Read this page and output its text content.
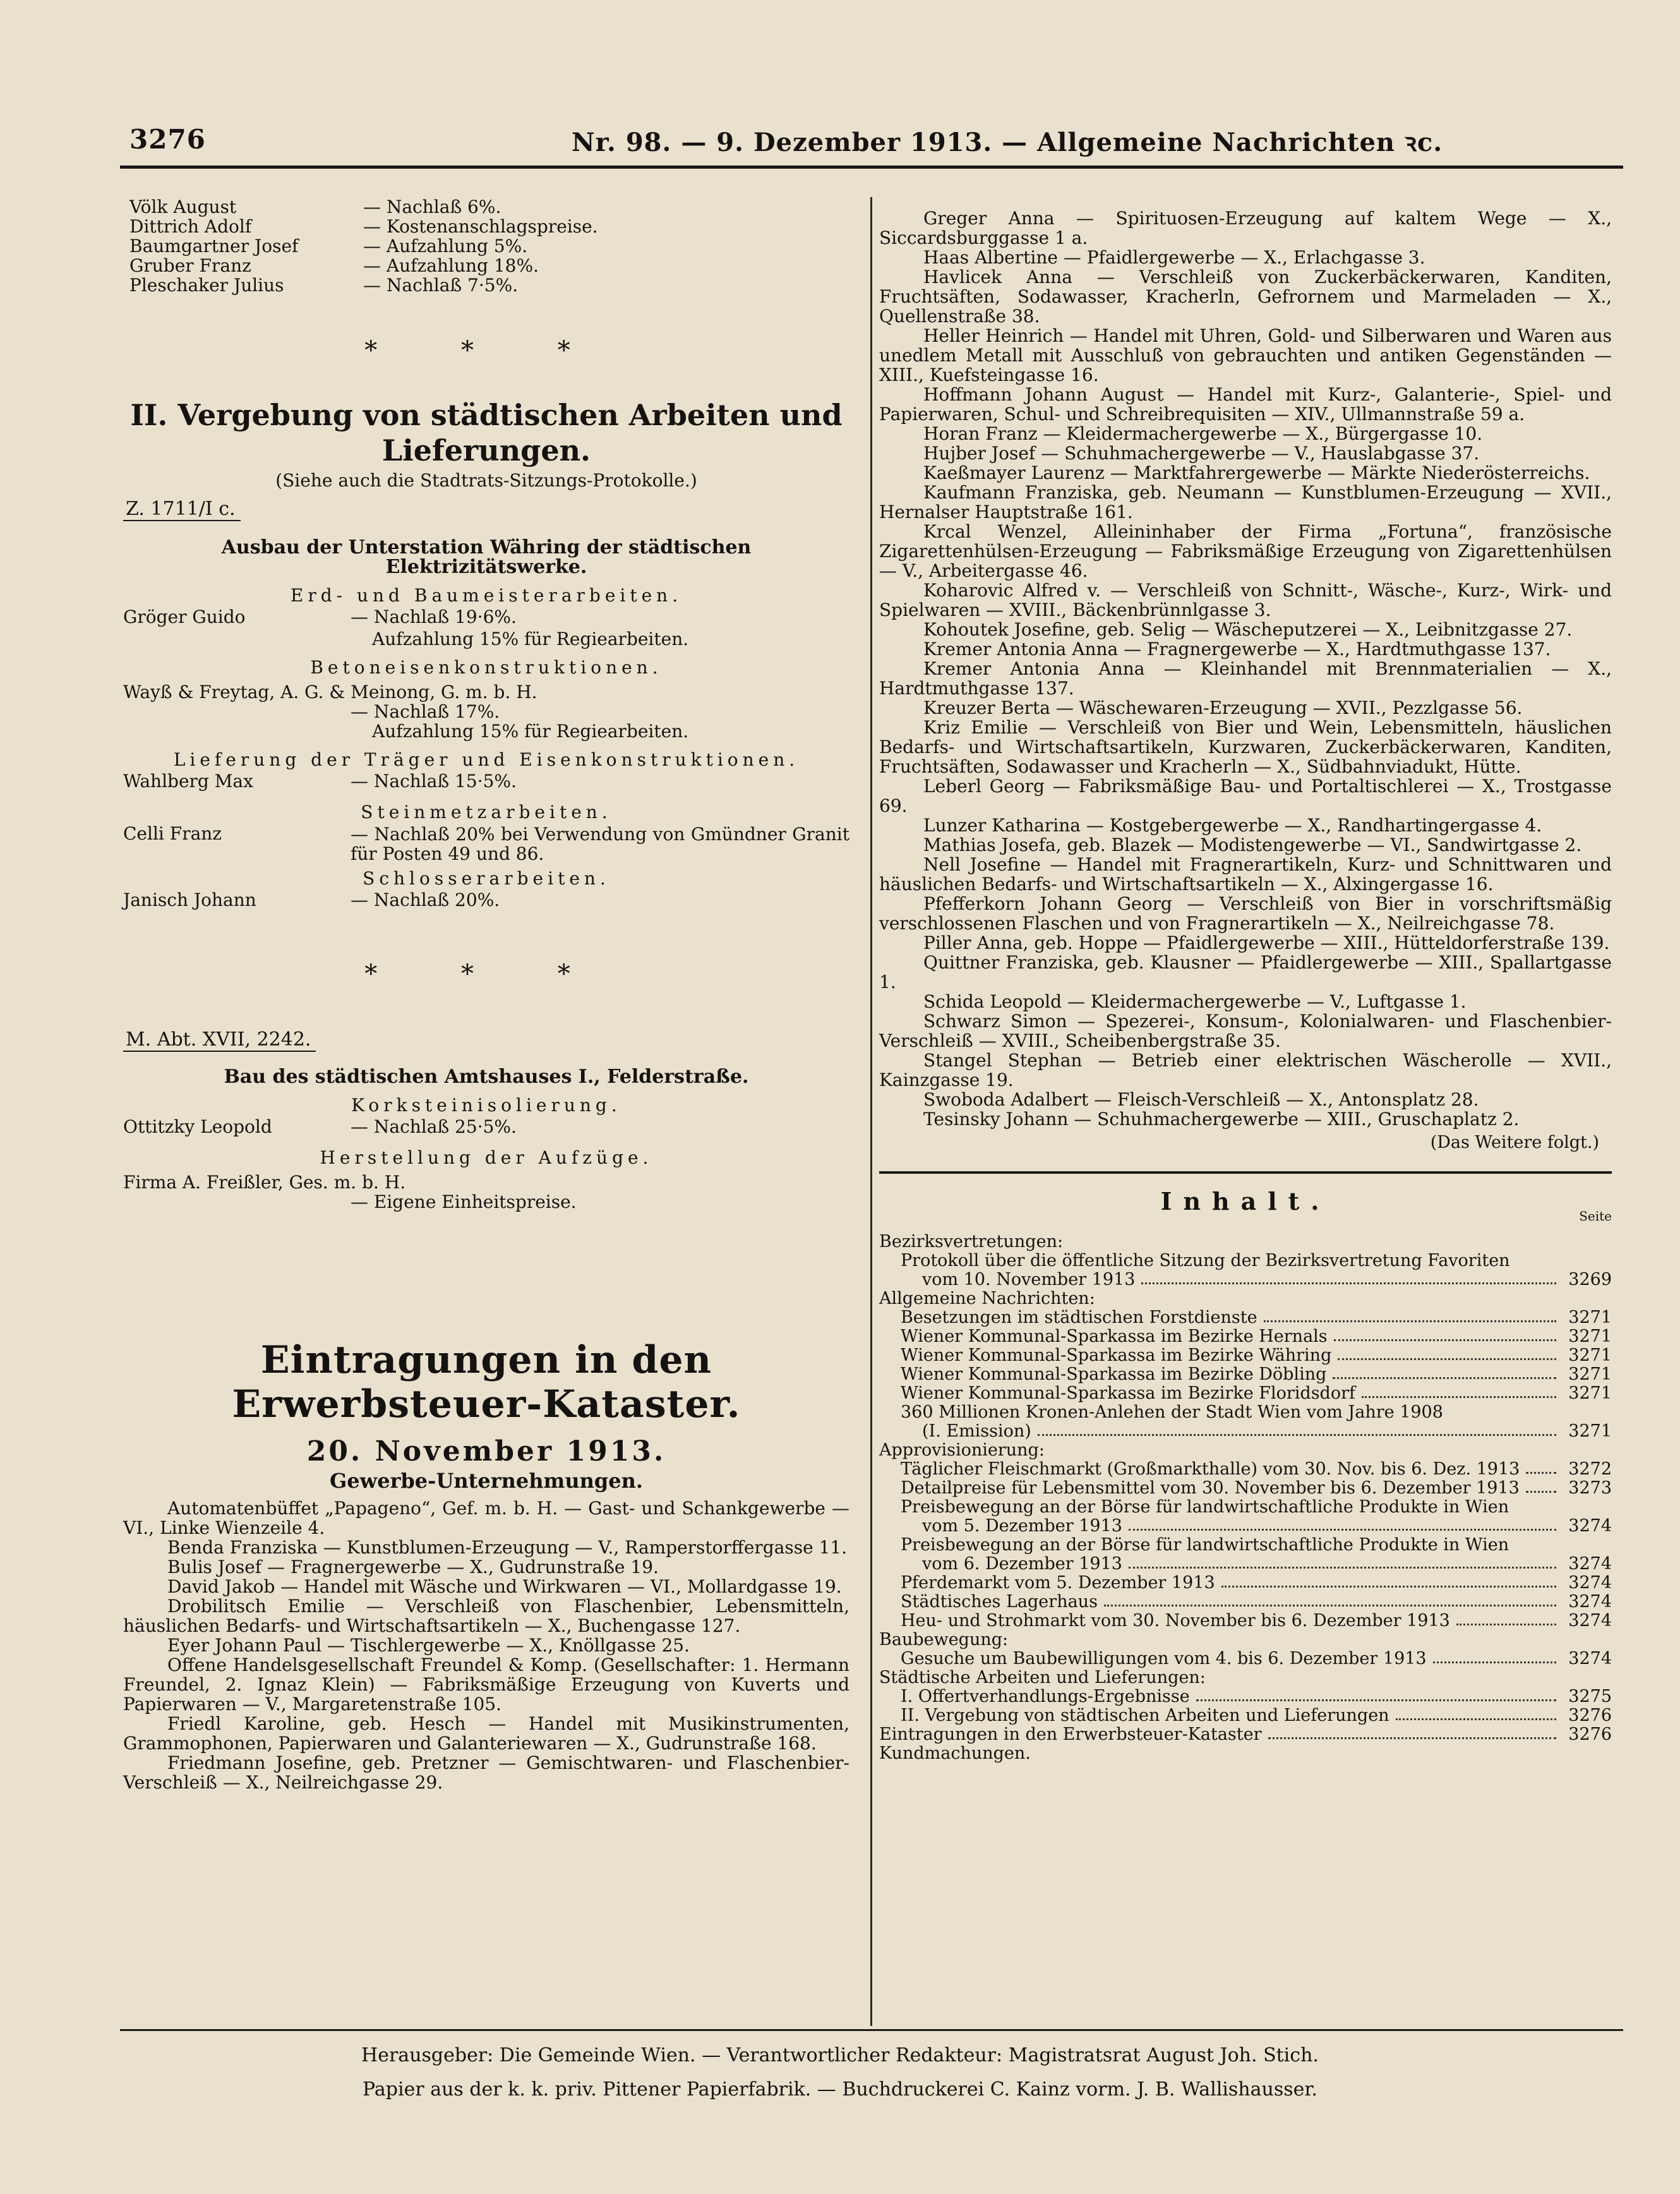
3276	Nr. 98. — 9. Dezember 1913. — Allgemeine Nachrichten ꝛc.
Völk August	— Nachlaß 6%.
Dittrich Adolf	— Kostenanschlagspreise.
Baumgartner Josef	— Aufzahlung 5%.
Gruber Franz	— Aufzahlung 18%.
Pleschaker Julius	— Nachlaß 7·5%.
* * *

II. Vergebung von städtischen Arbeiten und

Lieferungen.

(Siehe auch die Stadtrats-Sitzungs-Protokolle.)

Z. 1711/I c.

Ausbau der Unterstation Währing der städtischen Elektrizitätswerke.

Erd- und Baumeisterarbeiten.

Gröger Guido	— Nachlaß 19·6%.
	Aufzahlung 15% für Regiearbeiten.

Betoneisenkonstruktionen.

Wayß & Freytag, A. G. & Meinong, G. m. b. H.
— Nachlaß 17%.
Aufzahlung 15% für Regiearbeiten.

Lieferung der Träger und Eisenkonstruktionen.

Wahlberg Max	— Nachlaß 15·5%.

Steinmetzarbeiten.

Celli Franz	— Nachlaß 20% bei Verwendung von Gmündner Granit für Posten 49 und 86.

Schlosserarbeiten.

Janisch Johann	— Nachlaß 20%.
* * *
M. Abt. XVII, 2242.

Bau des städtischen Amtshauses I., Felderstraße.

Korksteinisolierung.

Ottitzky Leopold	— Nachlaß 25·5%.

Herstellung der Aufzüge.

Firma A. Freißler, Ges. m. b. H.
— Eigene Einheitspreise.

Eintragungen in den Erwerbsteuer-Kataster.

20. November 1913.

Gewerbe-Unternehmungen.

Automatenbüffet „Papageno“, Gef. m. b. H. — Gast- und Schankgewerbe — VI., Linke Wienzeile 4.

Benda Franziska — Kunstblumen-Erzeugung — V., Ramperstorffergasse 11.

Bulis Josef — Fragnergewerbe — X., Gudrunstraße 19.

David Jakob — Handel mit Wäsche und Wirkwaren — VI., Mollardgasse 19.

Drobilitsch Emilie — Verschleiß von Flaschenbier, Lebensmitteln, häuslichen Bedarfs- und Wirtschaftsartikeln — X., Buchengasse 127.

Eyer Johann Paul — Tischlergewerbe — X., Knöllgasse 25.

Offene Handelsgesellschaft Freundel & Komp. (Gesellschafter: 1. Hermann Freundel, 2. Ignaz Klein) — Fabriksmäßige Erzeugung von Kuverts und Papierwaren — V., Margaretenstraße 105.

Friedl Karoline, geb. Hesch — Handel mit Musikinstrumenten, Grammophonen, Papierwaren und Galanteriewaren — X., Gudrunstraße 168.

Friedmann Josefine, geb. Pretzner — Gemischtwaren- und Flaschenbier-Verschleiß — X., Neilreichgasse 29.

Greger Anna — Spirituosen-Erzeugung auf kaltem Wege — X., Siccardsburggasse 1 a.

Haas Albertine — Pfaidlergewerbe — X., Erlachgasse 3.

Havlicek Anna — Verschleiß von Zuckerbäckerwaren, Kanditen, Fruchtsäften, Sodawasser, Kracherln, Gefrornem und Marmeladen — X., Quellenstraße 38.

Heller Heinrich — Handel mit Uhren, Gold- und Silberwaren und Waren aus unedlem Metall mit Ausschluß von gebrauchten und antiken Gegenständen — XIII., Kuefsteingasse 16.

Hoffmann Johann August — Handel mit Kurz-, Galanterie-, Spiel- und Papierwaren, Schul- und Schreibrequisiten — XIV., Ullmannstraße 59 a.

Horan Franz — Kleidermachergewerbe — X., Bürgergasse 10.

Hujber Josef — Schuhmachergewerbe — V., Hauslabgasse 37.

Kaeßmayer Laurenz — Marktfahrergewerbe — Märkte Niederösterreichs.

Kaufmann Franziska, geb. Neumann — Kunstblumen-Erzeugung — XVII., Hernalser Hauptstraße 161.

Krcal Wenzel, Alleininhaber der Firma „Fortuna“, französische Zigarettenhülsen-Erzeugung — Fabriksmäßige Erzeugung von Zigarettenhülsen — V., Arbeitergasse 46.

Koharovic Alfred v. — Verschleiß von Schnitt-, Wäsche-, Kurz-, Wirk- und Spielwaren — XVIII., Bäckenbrünnlgasse 3.

Kohoutek Josefine, geb. Selig — Wäscheputzerei — X., Leibnitzgasse 27.

Kremer Antonia Anna — Fragnergewerbe — X., Hardtmuthgasse 137.

Kremer Antonia Anna — Kleinhandel mit Brennmaterialien — X., Hardtmuthgasse 137.

Kreuzer Berta — Wäschewaren-Erzeugung — XVII., Pezzlgasse 56.

Kriz Emilie — Verschleiß von Bier und Wein, Lebensmitteln, häuslichen Bedarfs- und Wirtschaftsartikeln, Kurzwaren, Zuckerbäckerwaren, Kanditen, Fruchtsäften, Sodawasser und Kracherln — X., Südbahnviadukt, Hütte.

Leberl Georg — Fabriksmäßige Bau- und Portaltischlerei — X., Trostgasse 69.

Lunzer Katharina — Kostgebergewerbe — X., Randhartingergasse 4.

Mathias Josefa, geb. Blazek — Modistengewerbe — VI., Sandwirtgasse 2.

Nell Josefine — Handel mit Fragnerartikeln, Kurz- und Schnittwaren und häuslichen Bedarfs- und Wirtschaftsartikeln — X., Alxingergasse 16.

Pfefferkorn Johann Georg — Verschleiß von Bier in vorschriftsmäßig verschlossenen Flaschen und von Fragnerartikeln — X., Neilreichgasse 78.

Piller Anna, geb. Hoppe — Pfaidlergewerbe — XIII., Hütteldorferstraße 139.

Quittner Franziska, geb. Klausner — Pfaidlergewerbe — XIII., Spallartgasse 1.

Schida Leopold — Kleidermachergewerbe — V., Luftgasse 1.

Schwarz Simon — Spezerei-, Konsum-, Kolonialwaren- und Flaschenbier-Verschleiß — XVIII., Scheibenbergstraße 35.

Stangel Stephan — Betrieb einer elektrischen Wäscherolle — XVII., Kainzgasse 19.

Swoboda Adalbert — Fleisch-Verschleiß — X., Antonsplatz 28.

Tesinsky Johann — Schuhmachergewerbe — XIII., Gruschaplatz 2.

(Das Weitere folgt.)

Inhalt.

Seite
Bezirksvertretungen:
Protokoll über die öffentliche Sitzung der Bezirksvertretung Favoriten
vom 10. November 1913	3269
Allgemeine Nachrichten:
Besetzungen im städtischen Forstdienste	3271
Wiener Kommunal-Sparkassa im Bezirke Hernals	3271
Wiener Kommunal-Sparkassa im Bezirke Währing	3271
Wiener Kommunal-Sparkassa im Bezirke Döbling	3271
Wiener Kommunal-Sparkassa im Bezirke Floridsdorf	3271
360 Millionen Kronen-Anlehen der Stadt Wien vom Jahre 1908
(I. Emission)	3271
Approvisionierung:
Täglicher Fleischmarkt (Großmarkthalle) vom 30. Nov. bis 6. Dez. 1913	3272
Detailpreise für Lebensmittel vom 30. November bis 6. Dezember 1913	3273
Preisbewegung an der Börse für landwirtschaftliche Produkte in Wien
vom 5. Dezember 1913	3274
Preisbewegung an der Börse für landwirtschaftliche Produkte in Wien
vom 6. Dezember 1913	3274
Pferdemarkt vom 5. Dezember 1913	3274
Städtisches Lagerhaus	3274
Heu- und Strohmarkt vom 30. November bis 6. Dezember 1913	3274
Baubewegung:
Gesuche um Baubewilligungen vom 4. bis 6. Dezember 1913	3274
Städtische Arbeiten und Lieferungen:
I. Offertverhandlungs-Ergebnisse	3275
II. Vergebung von städtischen Arbeiten und Lieferungen	3276
Eintragungen in den Erwerbsteuer-Kataster	3276
Kundmachungen.
Herausgeber: Die Gemeinde Wien. — Verantwortlicher Redakteur: Magistratsrat August Joh. Stich.
Papier aus der k. k. priv. Pittener Papierfabrik. — Buchdruckerei C. Kainz vorm. J. B. Wallishausser.
